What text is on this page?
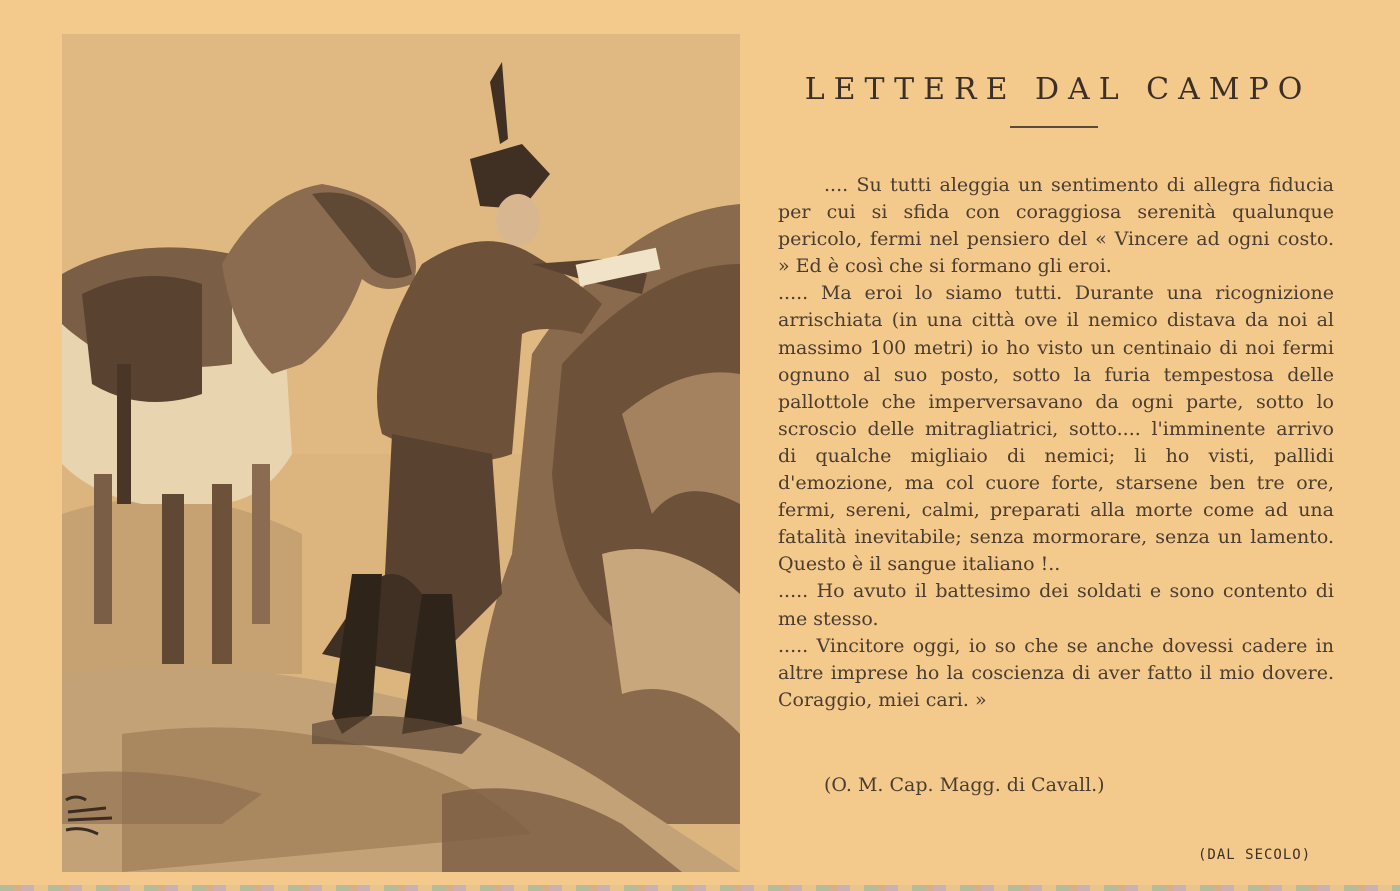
LETTERE DAL CAMPO

.... Su tutti aleggia un sentimento di allegra fiducia per cui si sfida con coraggiosa serenità qualunque pericolo, fermi nel pensiero del « Vincere ad ogni costo. » Ed è così che si formano gli eroi.

..... Ma eroi lo siamo tutti. Durante una ricognizione arrischiata (in una città ove il nemico distava da noi al massimo 100 metri) io ho visto un centinaio di noi fermi ognuno al suo posto, sotto la furia tempestosa delle pallottole che imperversavano da ogni parte, sotto lo scroscio delle mitragliatrici, sotto.... l'imminente arrivo di qualche migliaio di nemici; li ho visti, pallidi d'emozione, ma col cuore forte, starsene ben tre ore, fermi, sereni, calmi, preparati alla morte come ad una fatalità inevitabile; senza mormorare, senza un lamento. Questo è il sangue italiano !..

..... Ho avuto il battesimo dei soldati e sono contento di me stesso.

..... Vincitore oggi, io so che se anche dovessi cadere in altre imprese ho la coscienza di aver fatto il mio dovere. Coraggio, miei cari. »

(O. M. Cap. Magg. di Cavall.)
(DAL SECOLO)
